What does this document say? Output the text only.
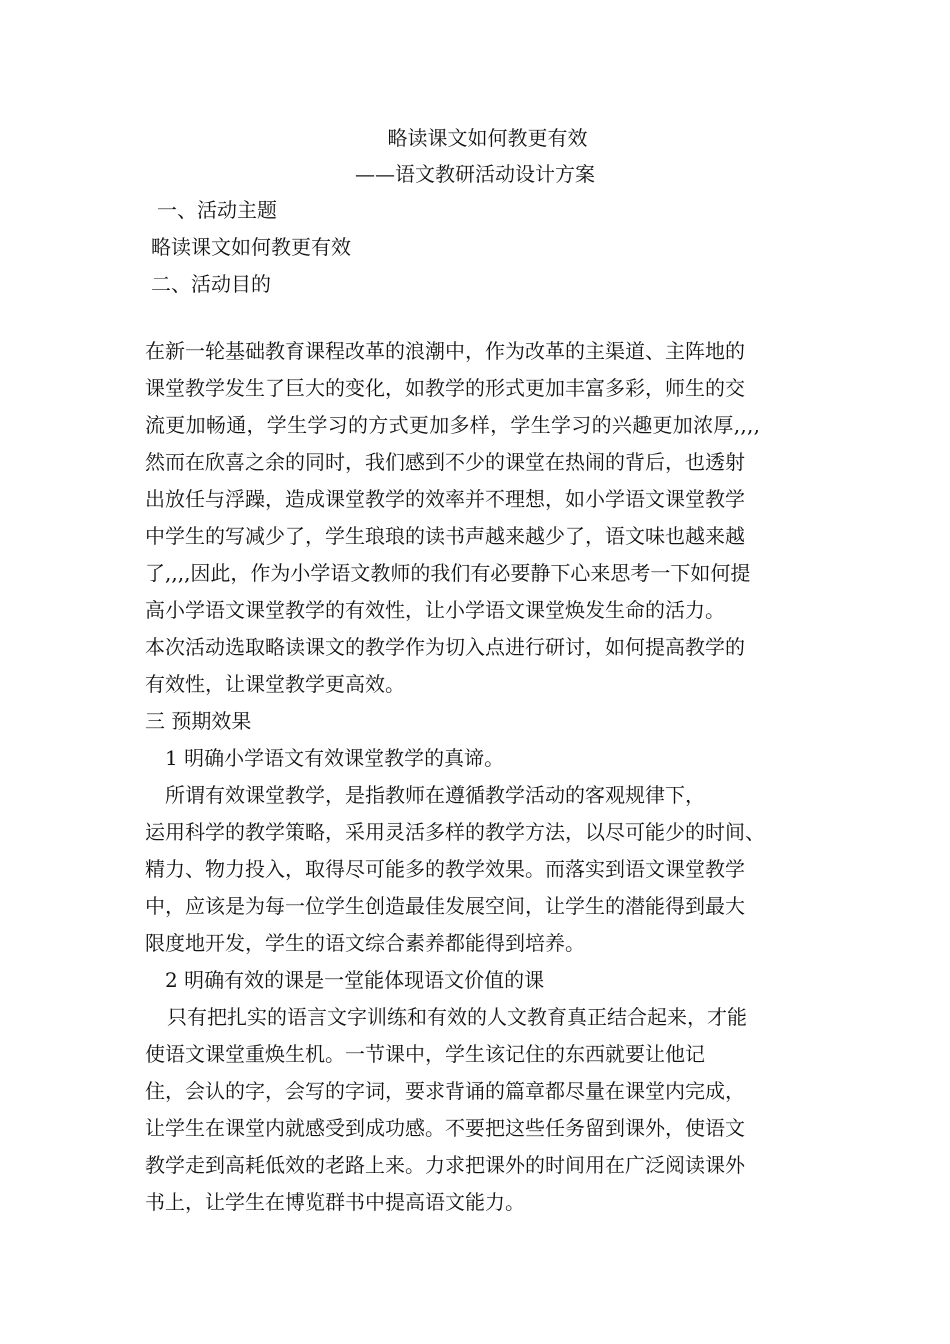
略读课文如何教更有效
——语文教研活动设计方案
一、活动主题
略读课文如何教更有效
二、活动目的
在新一轮基础教育课程改革的浪潮中，作为改革的主渠道、主阵地的
课堂教学发生了巨大的变化，如教学的形式更加丰富多彩，师生的交
流更加畅通，学生学习的方式更加多样，学生学习的兴趣更加浓厚,,,,
然而在欣喜之余的同时，我们感到不少的课堂在热闹的背后，也透射
出放任与浮躁，造成课堂教学的效率并不理想，如小学语文课堂教学
中学生的写减少了，学生琅琅的读书声越来越少了，语文味也越来越
了,,,,因此，作为小学语文教师的我们有必要静下心来思考一下如何提
高小学语文课堂教学的有效性，让小学语文课堂焕发生命的活力。
本次活动选取略读课文的教学作为切入点进行研讨，如何提高教学的
有效性，让课堂教学更高效。
三 预期效果
1 明确小学语文有效课堂教学的真谛。
所谓有效课堂教学，是指教师在遵循教学活动的客观规律下，
运用科学的教学策略，采用灵活多样的教学方法，以尽可能少的时间、
精力、物力投入，取得尽可能多的教学效果。而落实到语文课堂教学
中，应该是为每一位学生创造最佳发展空间，让学生的潜能得到最大
限度地开发，学生的语文综合素养都能得到培养。
2 明确有效的课是一堂能体现语文价值的课
只有把扎实的语言文字训练和有效的人文教育真正结合起来，才能
使语文课堂重焕生机。一节课中，学生该记住的东西就要让他记
住，会认的字，会写的字词，要求背诵的篇章都尽量在课堂内完成，
让学生在课堂内就感受到成功感。不要把这些任务留到课外，使语文
教学走到高耗低效的老路上来。力求把课外的时间用在广泛阅读课外
书上，让学生在博览群书中提高语文能力。
